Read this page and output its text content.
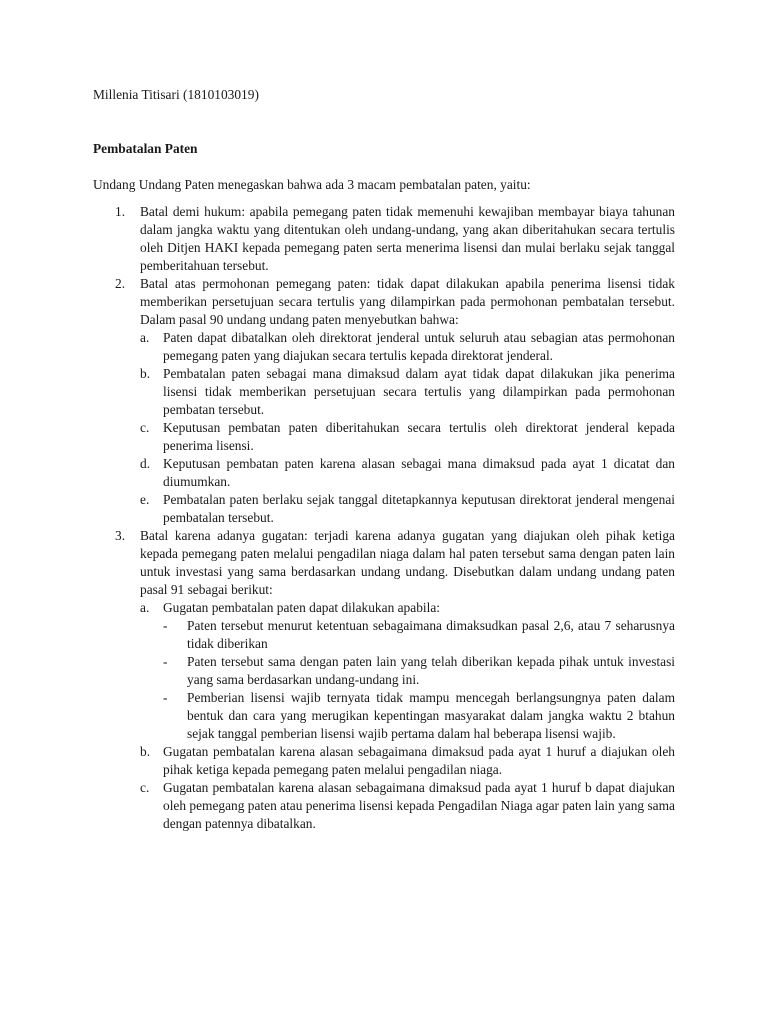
Millenia Titisari (1810103019)

Pembatalan Paten

Undang Undang Paten menegaskan bahwa ada 3 macam pembatalan paten, yaitu:

1. Batal demi hukum: apabila pemegang paten tidak memenuhi kewajiban membayar biaya tahunan dalam jangka waktu yang ditentukan oleh undang-undang, yang akan diberitahukan secara tertulis oleh Ditjen HAKI kepada pemegang paten serta menerima lisensi dan mulai berlaku sejak tanggal pemberitahuan tersebut.
2. Batal atas permohonan pemegang paten: tidak dapat dilakukan apabila penerima lisensi tidak memberikan persetujuan secara tertulis yang dilampirkan pada permohonan pembatalan tersebut. Dalam pasal 90 undang undang paten menyebutkan bahwa:
a. Paten dapat dibatalkan oleh direktorat jenderal untuk seluruh atau sebagian atas permohonan pemegang paten yang diajukan secara tertulis kepada direktorat jenderal.
b. Pembatalan paten sebagai mana dimaksud dalam ayat tidak dapat dilakukan jika penerima lisensi tidak memberikan persetujuan secara tertulis yang dilampirkan pada permohonan pembatan tersebut.
c. Keputusan pembatan paten diberitahukan secara tertulis oleh direktorat jenderal kepada penerima lisensi.
d. Keputusan pembatan paten karena alasan sebagai mana dimaksud pada ayat 1 dicatat dan diumumkan.
e. Pembatalan paten berlaku sejak tanggal ditetapkannya keputusan direktorat jenderal mengenai pembatalan tersebut.
3. Batal karena adanya gugatan: terjadi karena adanya gugatan yang diajukan oleh pihak ketiga kepada pemegang paten melalui pengadilan niaga dalam hal paten tersebut sama dengan paten lain untuk investasi yang sama berdasarkan undang undang. Disebutkan dalam undang undang paten pasal 91 sebagai berikut:
a. Gugatan pembatalan paten dapat dilakukan apabila:
- Paten tersebut menurut ketentuan sebagaimana dimaksudkan pasal 2,6, atau 7 seharusnya tidak diberikan
- Paten tersebut sama dengan paten lain yang telah diberikan kepada pihak untuk investasi yang sama berdasarkan undang-undang ini.
- Pemberian lisensi wajib ternyata tidak mampu mencegah berlangsungnya paten dalam bentuk dan cara yang merugikan kepentingan masyarakat dalam jangka waktu 2 btahun sejak tanggal pemberian lisensi wajib pertama dalam hal beberapa lisensi wajib.
b. Gugatan pembatalan karena alasan sebagaimana dimaksud pada ayat 1 huruf a diajukan oleh pihak ketiga kepada pemegang paten melalui pengadilan niaga.
c. Gugatan pembatalan karena alasan sebagaimana dimaksud pada ayat 1 huruf b dapat diajukan oleh pemegang paten atau penerima lisensi kepada Pengadilan Niaga agar paten lain yang sama dengan patennya dibatalkan.
